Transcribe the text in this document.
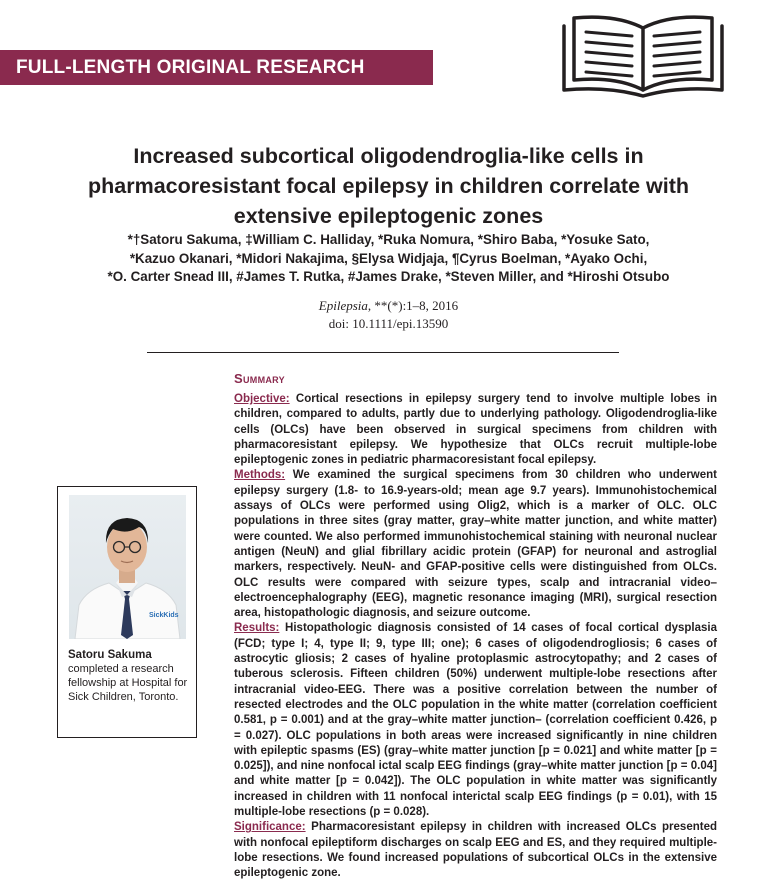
FULL-LENGTH ORIGINAL RESEARCH
Increased subcortical oligodendroglia-like cells in
pharmacoresistant focal epilepsy in children correlate with
extensive epileptogenic zones
*†Satoru Sakuma, ‡William C. Halliday, *Ruka Nomura, *Shiro Baba, *Yosuke Sato,
*Kazuo Okanari, *Midori Nakajima, §Elysa Widjaja, ¶Cyrus Boelman, *Ayako Ochi,
*O. Carter Snead III, #James T. Rutka, #James Drake, *Steven Miller, and *Hiroshi Otsubo
Epilepsia, **(*):1–8, 2016
doi: 10.1111/epi.13590
Summary

Objective: Cortical resections in epilepsy surgery tend to involve multiple lobes in children, compared to adults, partly due to underlying pathology. Oligodendroglia-like cells (OLCs) have been observed in surgical specimens from children with pharmacoresistant epilepsy. We hypothesize that OLCs recruit multiple-lobe epileptogenic zones in pediatric pharmacoresistant focal epilepsy.

Methods: We examined the surgical specimens from 30 children who underwent epilepsy surgery (1.8- to 16.9-years-old; mean age 9.7 years). Immunohistochemical assays of OLCs were performed using Olig2, which is a marker of OLC. OLC populations in three sites (gray matter, gray–white matter junction, and white matter) were counted. We also performed immunohistochemical staining with neuronal nuclear antigen (NeuN) and glial fibrillary acidic protein (GFAP) for neuronal and astroglial markers, respectively. NeuN- and GFAP-positive cells were distinguished from OLCs. OLC results were compared with seizure types, scalp and intracranial video–electroencephalography (EEG), magnetic resonance imaging (MRI), surgical resection area, histopathologic diagnosis, and seizure outcome.

Results: Histopathologic diagnosis consisted of 14 cases of focal cortical dysplasia (FCD; type I; 4, type II; 9, type III; one); 6 cases of oligodendrogliosis; 6 cases of astrocytic gliosis; 2 cases of hyaline protoplasmic astrocytopathy; and 2 cases of tuberous sclerosis. Fifteen children (50%) underwent multiple-lobe resections after intracranial video-EEG. There was a positive correlation between the number of resected electrodes and the OLC population in the white matter (correlation coefficient 0.581, p = 0.001) and at the gray–white matter junction– (correlation coefficient 0.426, p = 0.027). OLC populations in both areas were increased significantly in nine children with epileptic spasms (ES) (gray–white matter junction [p = 0.021] and white matter [p = 0.025]), and nine nonfocal ictal scalp EEG findings (gray–white matter junction [p = 0.04] and white matter [p = 0.042]). The OLC population in white matter was significantly increased in children with 11 nonfocal interictal scalp EEG findings (p = 0.01), with 15 multiple-lobe resections (p = 0.028).

Significance: Pharmacoresistant epilepsy in children with increased OLCs presented with nonfocal epileptiform discharges on scalp EEG and ES, and they required multiple-lobe resections. We found increased populations of subcortical OLCs in the extensive epileptogenic zone.

SickKids
Satoru Sakuma
completed a research fellowship at Hospital for Sick Children, Toronto.
